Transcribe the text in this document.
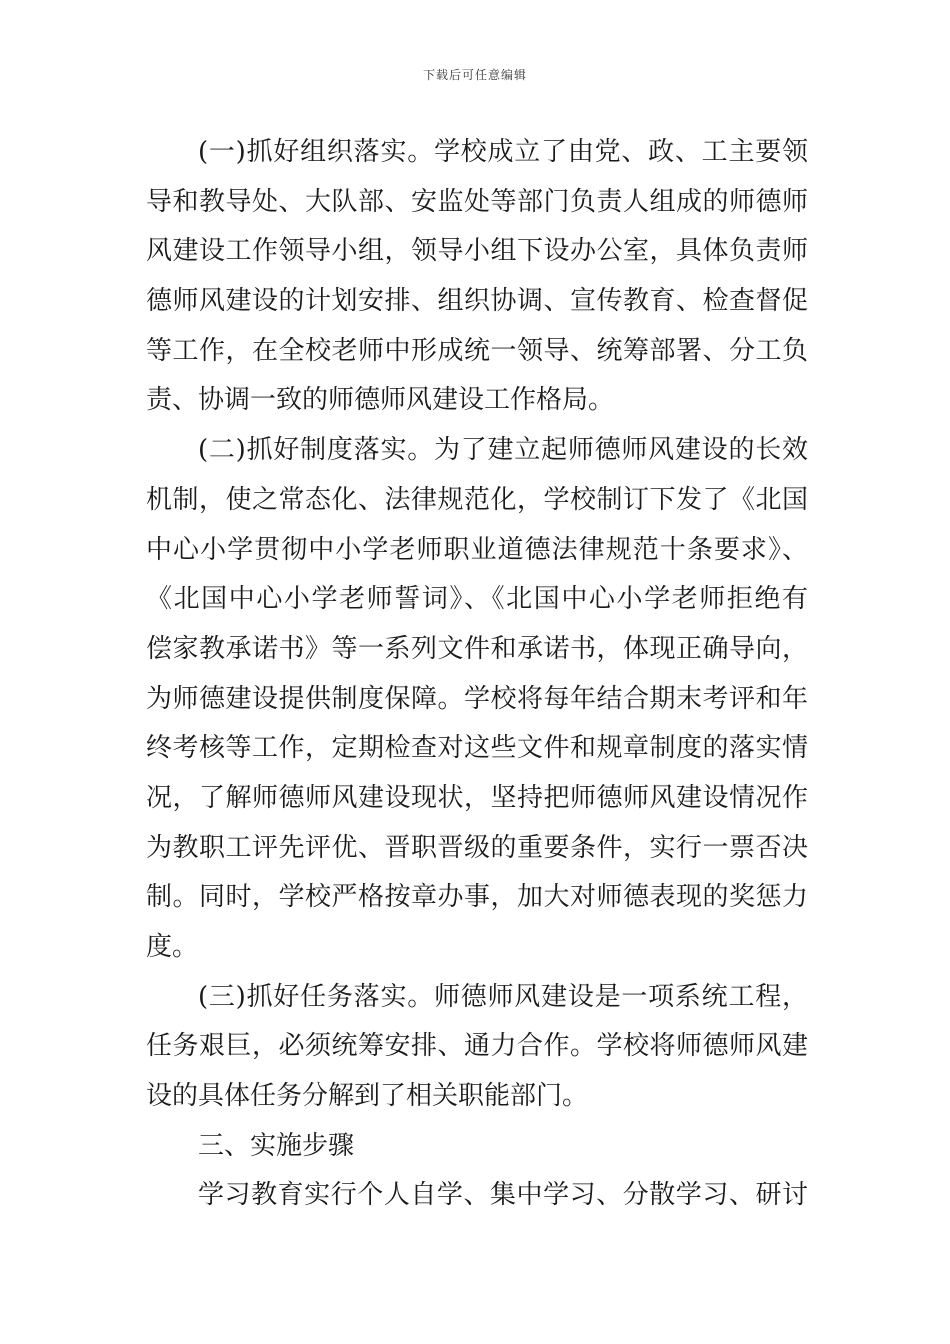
下载后可任意编辑
(一)抓好组织落实。学校成立了由党、政、工主要领
导和教导处、大队部、安监处等部门负责人组成的师德师
风建设工作领导小组，领导小组下设办公室，具体负责师
德师风建设的计划安排、组织协调、宣传教育、检查督促
等工作，在全校老师中形成统一领导、统筹部署、分工负
责、协调一致的师德师风建设工作格局。
(二)抓好制度落实。为了建立起师德师风建设的长效
机制，使之常态化、法律规范化，学校制订下发了《北国
中心小学贯彻中小学老师职业道德法律规范十条要求》、
《北国中心小学老师誓词》、《北国中心小学老师拒绝有
偿家教承诺书》等一系列文件和承诺书，体现正确导向，
为师德建设提供制度保障。学校将每年结合期末考评和年
终考核等工作，定期检查对这些文件和规章制度的落实情
况，了解师德师风建设现状，坚持把师德师风建设情况作
为教职工评先评优、晋职晋级的重要条件，实行一票否决
制。同时，学校严格按章办事，加大对师德表现的奖惩力
度。
(三)抓好任务落实。师德师风建设是一项系统工程，
任务艰巨，必须统筹安排、通力合作。学校将师德师风建
设的具体任务分解到了相关职能部门。
三、实施步骤
学习教育实行个人自学、集中学习、分散学习、研讨
